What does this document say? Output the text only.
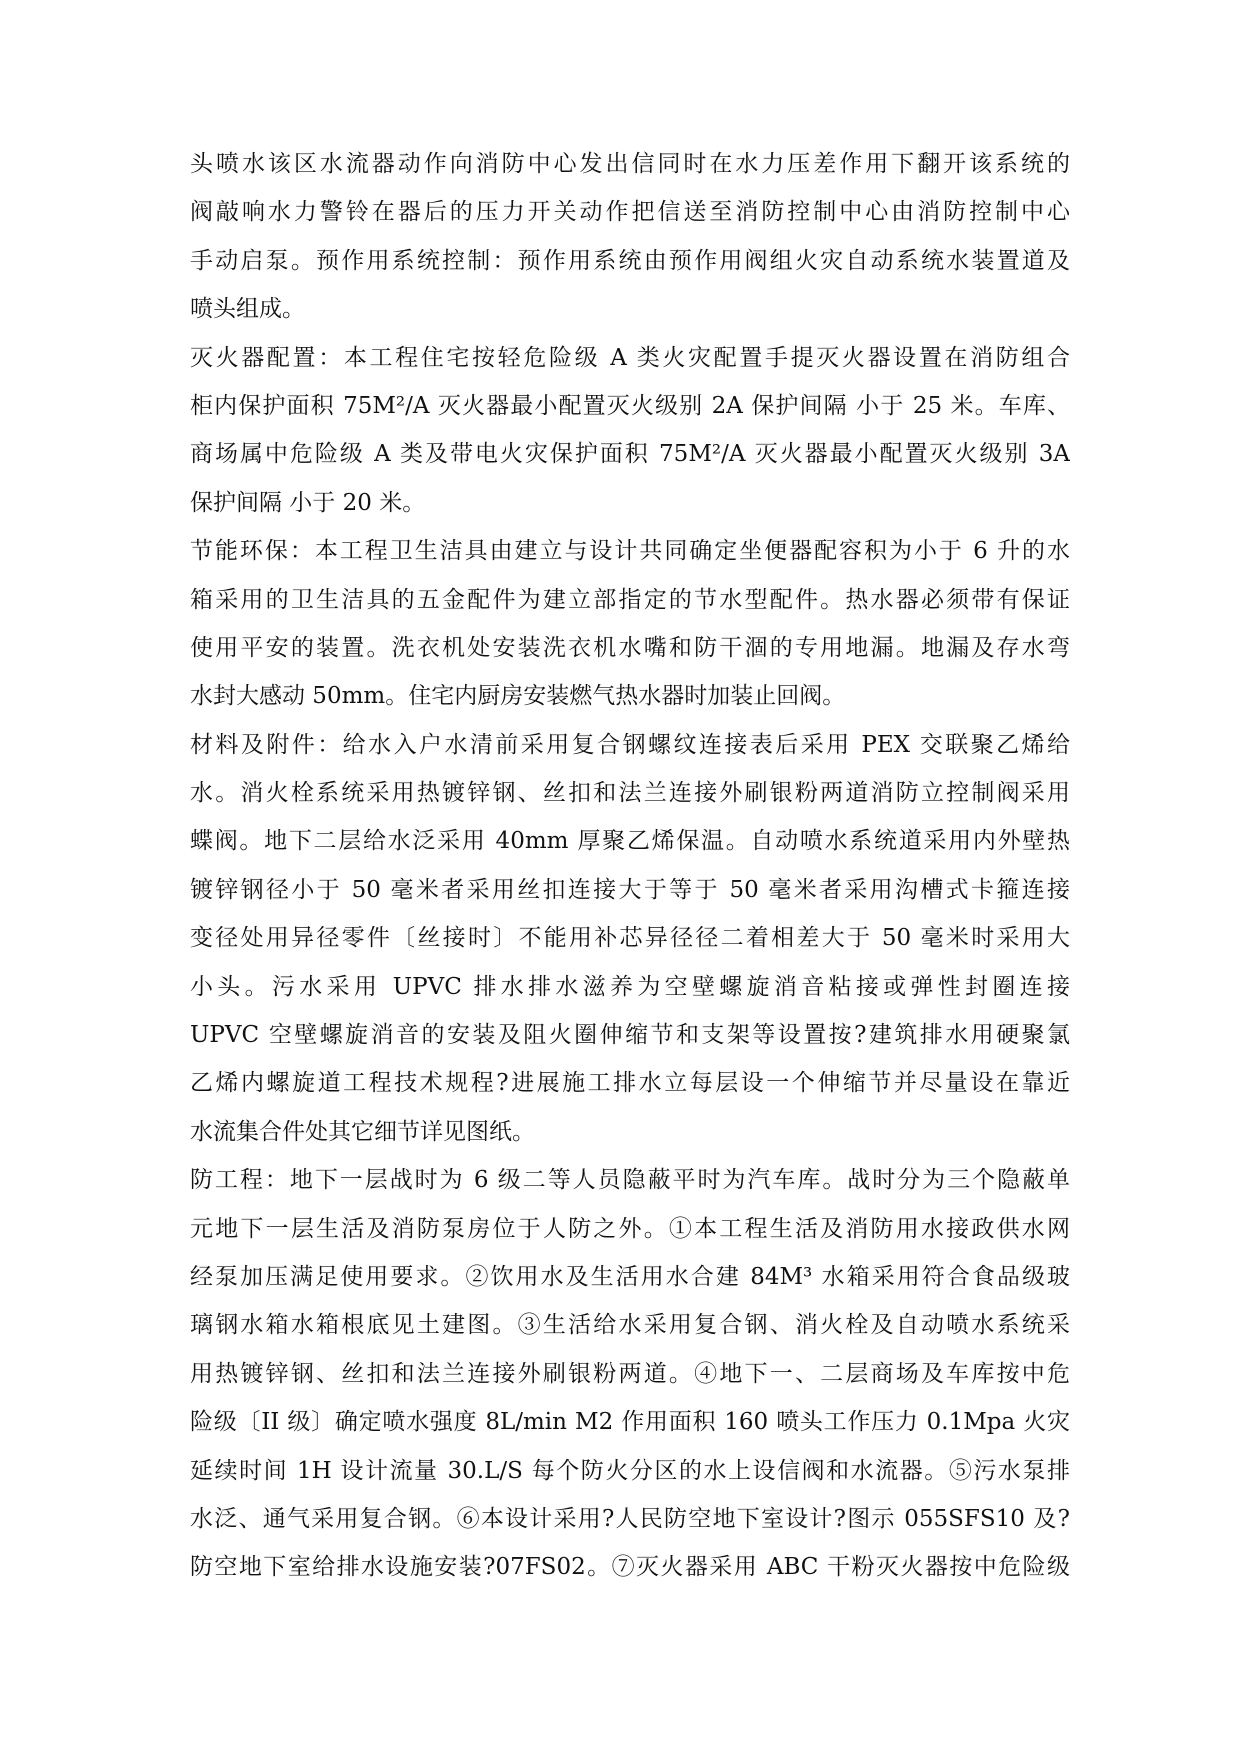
头喷水该区水流器动作向消防中心发出信同时在水力压差作用下翻开该系统的
阀敲响水力警铃在器后的压力开关动作把信送至消防控制中心由消防控制中心
手动启泵。预作用系统控制：预作用系统由预作用阀组火灾自动系统水装置道及
喷头组成。
灭火器配置：本工程住宅按轻危险级 A 类火灾配置手提灭火器设置在消防组合
柜内保护面积 75M²/A 灭火器最小配置灭火级别 2A 保护间隔 小于 25 米。车库、
商场属中危险级 A 类及带电火灾保护面积 75M²/A 灭火器最小配置灭火级别 3A
保护间隔 小于 20 米。
节能环保：本工程卫生洁具由建立与设计共同确定坐便器配容积为小于 6 升的水
箱采用的卫生洁具的五金配件为建立部指定的节水型配件。热水器必须带有保证
使用平安的装置。洗衣机处安装洗衣机水嘴和防干涸的专用地漏。地漏及存水弯
水封大感动 50mm。住宅内厨房安装燃气热水器时加装止回阀。
材料及附件：给水入户水清前采用复合钢螺纹连接表后采用 PEX 交联聚乙烯给
水。消火栓系统采用热镀锌钢、丝扣和法兰连接外刷银粉两道消防立控制阀采用
蝶阀。地下二层给水泛采用 40mm 厚聚乙烯保温。自动喷水系统道采用内外壁热
镀锌钢径小于 50 毫米者采用丝扣连接大于等于 50 毫米者采用沟槽式卡箍连接
变径处用异径零件〔丝接时〕不能用补芯异径径二着相差大于 50 毫米时采用大
小头。污水采用 UPVC 排水排水滋养为空壁螺旋消音粘接或弹性封圈连接
UPVC 空壁螺旋消音的安装及阻火圈伸缩节和支架等设置按?建筑排水用硬聚氯
乙烯内螺旋道工程技术规程?进展施工排水立每层设一个伸缩节并尽量设在靠近
水流集合件处其它细节详见图纸。
防工程：地下一层战时为 6 级二等人员隐蔽平时为汽车库。战时分为三个隐蔽单
元地下一层生活及消防泵房位于人防之外。①本工程生活及消防用水接政供水网
经泵加压满足使用要求。②饮用水及生活用水合建 84M³ 水箱采用符合食品级玻
璃钢水箱水箱根底见土建图。③生活给水采用复合钢、消火栓及自动喷水系统采
用热镀锌钢、丝扣和法兰连接外刷银粉两道。④地下一、二层商场及车库按中危
险级〔II 级〕确定喷水强度 8L/min M2 作用面积 160 喷头工作压力 0.1Mpa 火灾
延续时间 1H 设计流量 30.L/S 每个防火分区的水上设信阀和水流器。⑤污水泵排
水泛、通气采用复合钢。⑥本设计采用?人民防空地下室设计?图示 055SFS10 及?
防空地下室给排水设施安装?07FS02。⑦灭火器采用 ABC 干粉灭火器按中危险级
